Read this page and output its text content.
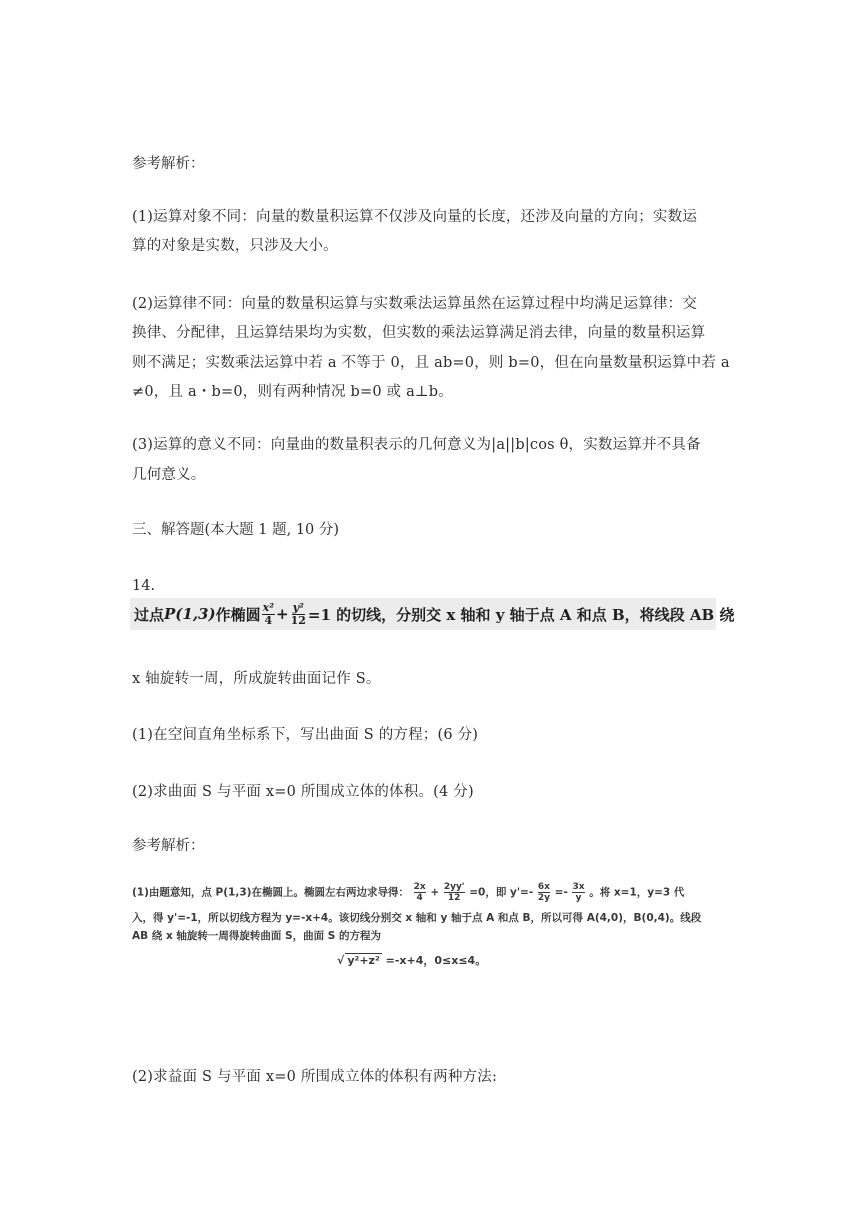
参考解析：
(1)运算对象不同：向量的数量积运算不仅涉及向量的长度，还涉及向量的方向；实数运
算的对象是实数，只涉及大小。
(2)运算律不同：向量的数量积运算与实数乘法运算虽然在运算过程中均满足运算律：交
换律、分配律，且运算结果均为实数，但实数的乘法运算满足消去律，向量的数量积运算
则不满足；实数乘法运算中若 a 不等于 0，且 ab=0，则 b=0，但在向量数量积运算中若 a
≠0，且 a・b=0，则有两种情况 b=0 或 a⊥b。
(3)运算的意义不同：向量曲的数量积表示的几何意义为|a||b|cos θ，实数运算并不具备
几何意义。
三、解答题(本大题 1 题, 10 分)
14.
过点 P(1,3) 作椭圆 $\frac{\text{x²}}{4} + \frac{\text{y²}}{12} =1$ 的切线，分别交 x 轴和 y 轴于点 A 和点 B，将线段 AB 绕
x 轴旋转一周，所成旋转曲面记作 S。
(1)在空间直角坐标系下，写出曲面 S 的方程；(6 分)
(2)求曲面 S 与平面 x=0 所围成立体的体积。(4 分)
参考解析：
(1)由题意知，点 P(1,3)在椭圆上。椭圆左右两边求导得： $\frac{2x}{4} + \frac{2yy'}{12} =0$，即 $y'=- \frac{6x}{2y} =- \frac{3x}{y}$ 。将 x=1，y=3 代
入，得 y'=-1，所以切线方程为 y=-x+4。该切线分别交 x 轴和 y 轴于点 A 和点 B，所以可得 A(4,0)，B(0,4)。线段
AB 绕 x 轴旋转一周得旋转曲面 S，曲面 S 的方程为
√ y²+z² =-x+4，0≤x≤4。
(2)求益面 S 与平面 x=0 所围成立体的体积有两种方法:
